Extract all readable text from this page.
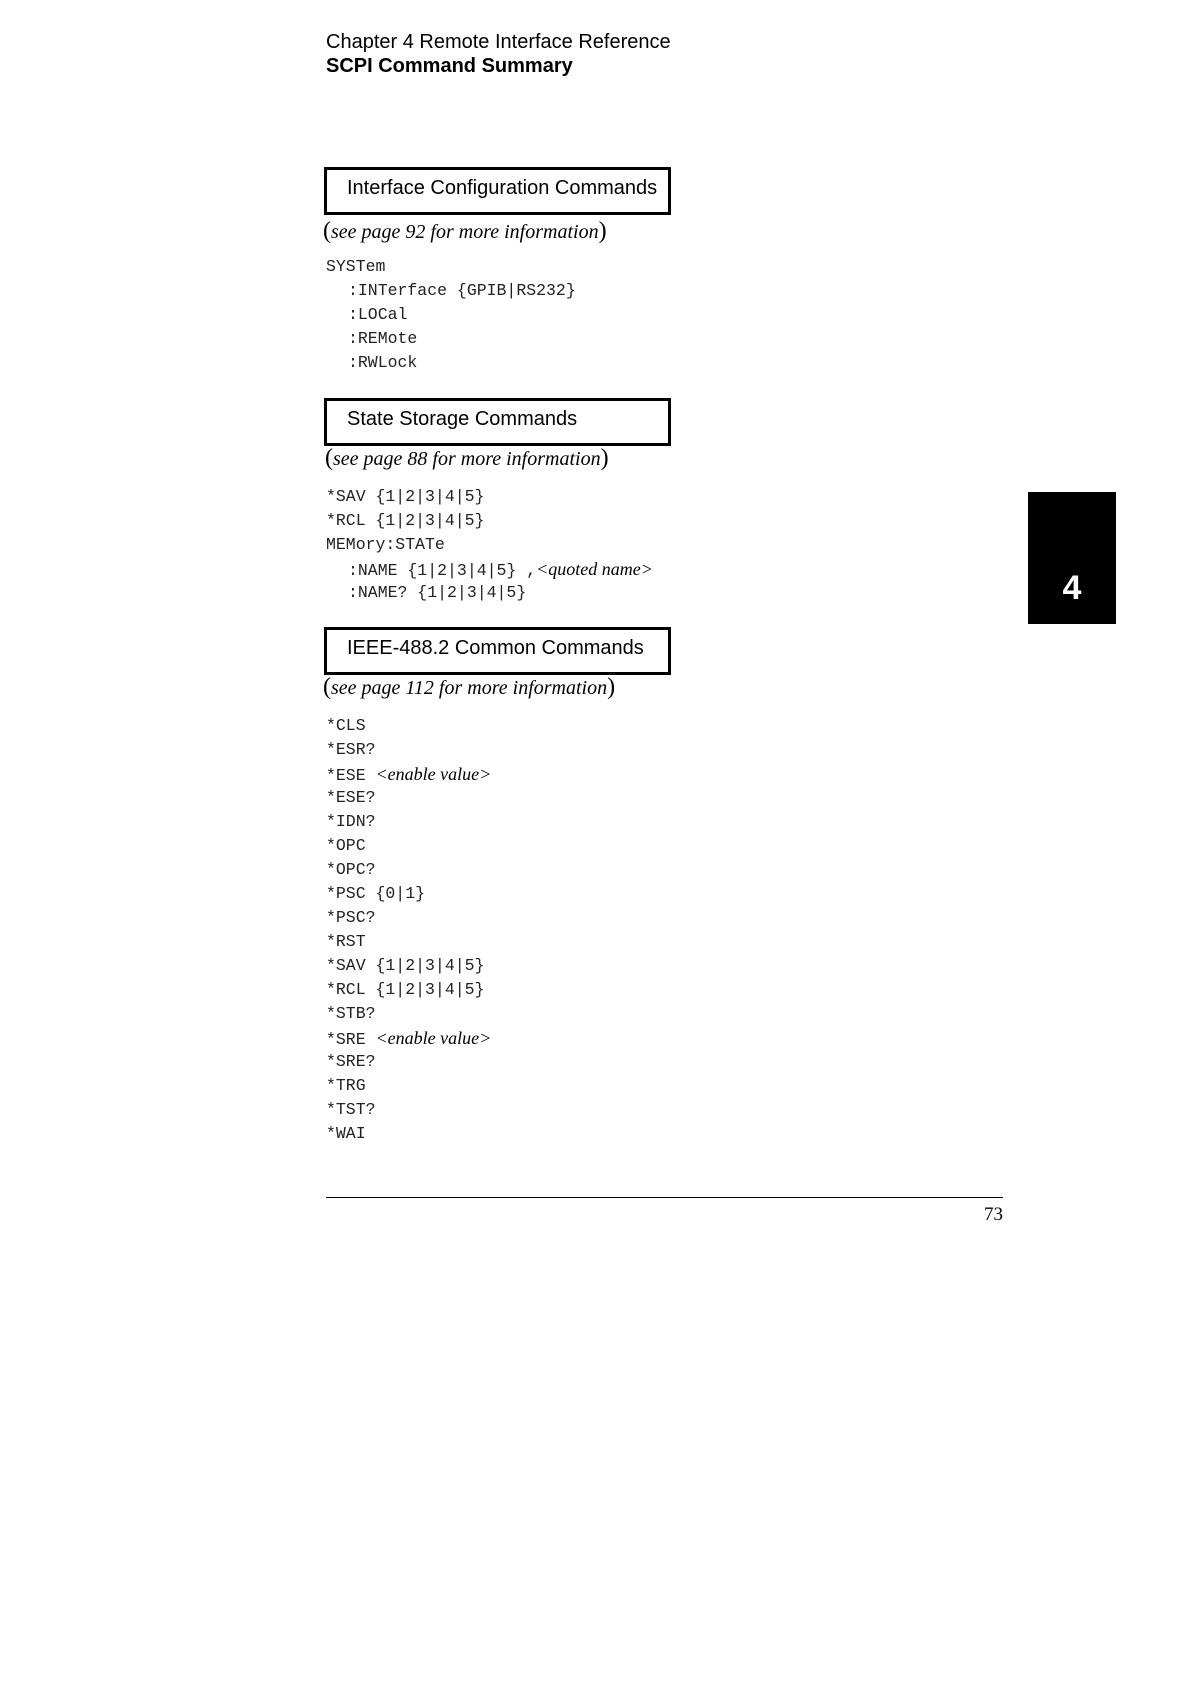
Chapter 4 Remote Interface Reference
SCPI Command Summary
Interface Configuration Commands
(see page 92 for more information)
SYSTem
:INTerface {GPIB|RS232}
:LOCal
:REMote
:RWLock
State Storage Commands
(see page 88 for more information)
*SAV {1|2|3|4|5}
*RCL {1|2|3|4|5}
MEMory:STATe
:NAME {1|2|3|4|5} ,<quoted name>
:NAME? {1|2|3|4|5}
IEEE-488.2 Common Commands
(see page 112 for more information)
*CLS
*ESR?
*ESE <enable value>
*ESE?
*IDN?
*OPC
*OPC?
*PSC {0|1}
*PSC?
*RST
*SAV {1|2|3|4|5}
*RCL {1|2|3|4|5}
*STB?
*SRE <enable value>
*SRE?
*TRG
*TST?
*WAI
4
73
